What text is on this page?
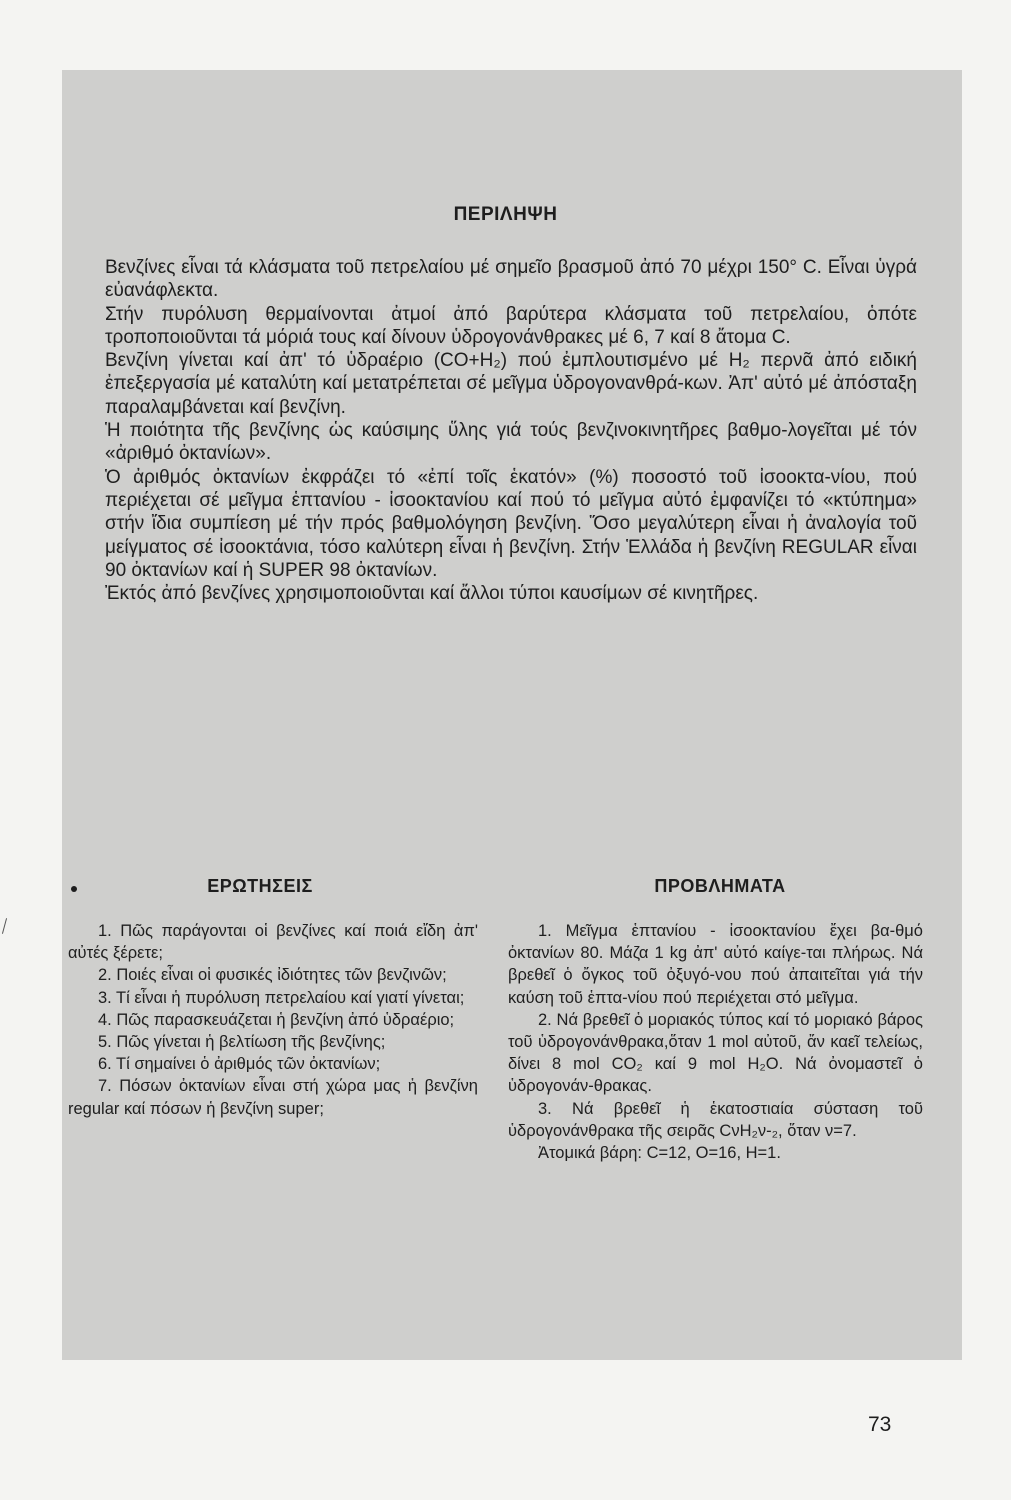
ΠΕΡΙΛΗΨΗ

Βενζίνες εἶναι τά κλάσματα τοῦ πετρελαίου μέ σημεῖο βρασμοῦ ἀπό 70 μέχρι 150° C. Εἶναι ὑγρά εὐανάφλεκτα.

Στήν πυρόλυση θερμαίνονται ἀτμοί ἀπό βαρύτερα κλάσματα τοῦ πετρελαίου, ὁπότε τροποποιοῦνται τά μόριά τους καί δίνουν ὑδρογονάνθρακες μέ 6, 7 καί 8 ἄτομα C.

Βενζίνη γίνεται καί ἀπ' τό ὑδραέριο (CO+H₂) πού ἐμπλουτισμένο μέ H₂ περνᾶ ἀπό ειδική ἐπεξεργασία μέ καταλύτη καί μετατρέπεται σέ μεῖγμα ὑδρογονανθρά-κων. Ἀπ' αὐτό μέ ἀπόσταξη παραλαμβάνεται καί βενζίνη.

Ἡ ποιότητα τῆς βενζίνης ὡς καύσιμης ὕλης γιά τούς βενζινοκινητῆρες βαθμο-λογεῖται μέ τόν «ἀριθμό ὀκτανίων».

Ὁ ἀριθμός ὀκτανίων ἐκφράζει τό «ἐπί τοῖς ἑκατόν» (%) ποσοστό τοῦ ἰσοοκτα-νίου, πού περιέχεται σέ μεῖγμα ἑπτανίου - ἰσοοκτανίου καί πού τό μεῖγμα αὐτό ἐμφανίζει τό «κτύπημα» στήν ἴδια συμπίεση μέ τήν πρός βαθμολόγηση βενζίνη. Ὅσο μεγαλύτερη εἶναι ἡ ἀναλογία τοῦ μείγματος σέ ἰσοοκτάνια, τόσο καλύτερη εἶναι ἡ βενζίνη. Στήν Ἑλλάδα ἡ βενζίνη REGULAR εἶναι 90 ὀκτανίων καί ἡ SUPER 98 ὀκτανίων.

Ἐκτός ἀπό βενζίνες χρησιμοποιοῦνται καί ἄλλοι τύποι καυσίμων σέ κινητῆρες.

ΕΡΩΤΗΣΕΙΣ	ΠΡΟΒΛΗΜΑΤΑ

1. Πῶς παράγονται οἱ βενζίνες καί ποιά εἴδη ἀπ' αὐτές ξέρετε;

2. Ποιές εἶναι οἱ φυσικές ἰδιότητες τῶν βενζινῶν;

3. Τί εἶναι ἡ πυρόλυση πετρελαίου καί γιατί γίνεται;

4. Πῶς παρασκευάζεται ἡ βενζίνη ἀπό ὑδραέριο;

5. Πῶς γίνεται ἡ βελτίωση τῆς βενζίνης;

6. Τί σημαίνει ὁ ἀριθμός τῶν ὀκτανίων;

7. Πόσων ὀκτανίων εἶναι στή χώρα μας ἡ βενζίνη regular καί πόσων ἡ βενζίνη super;

1. Μεῖγμα ἑπτανίου - ἰσοοκτανίου ἔχει βα-θμό ὀκτανίων 80. Μάζα 1 kg ἀπ' αὐτό καίγε-ται πλήρως. Νά βρεθεῖ ὁ ὄγκος τοῦ ὀξυγό-νου πού ἀπαιτεῖται γιά τήν καύση τοῦ ἑπτα-νίου πού περιέχεται στό μεῖγμα.

2. Νά βρεθεῖ ὁ μοριακός τύπος καί τό μοριακό βάρος τοῦ ὑδρογονάνθρακα,ὅταν 1 mol αὐτοῦ, ἄν καεῖ τελείως, δίνει 8 mol CO₂ καί 9 mol H₂O. Νά ὀνομαστεῖ ὁ ὑδρογονάν-θρακας.

3. Νά βρεθεῖ ἡ ἑκατοστιαία σύσταση τοῦ ὑδρογονάνθρακα τῆς σειρᾶς CνH₂ν-₂, ὅταν ν=7.

Ἀτομικά βάρη: C=12, O=16, H=1.

73
